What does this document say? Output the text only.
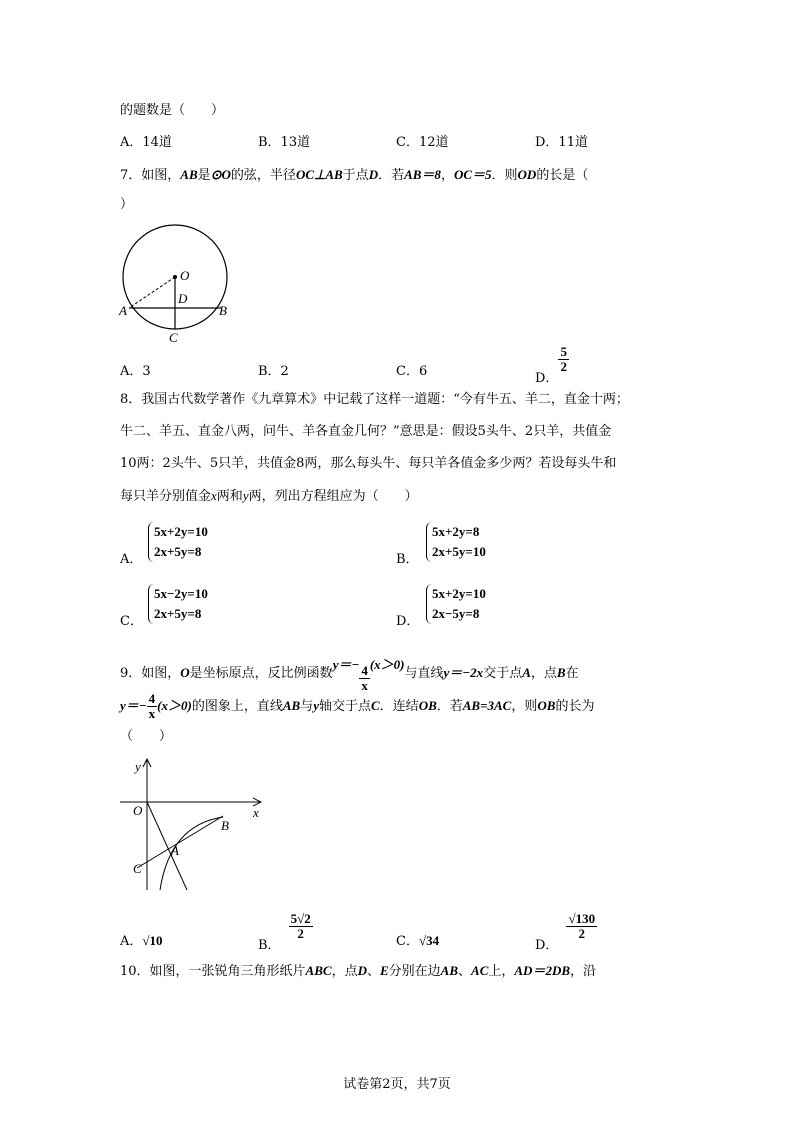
的题数是（　　）
A．14道	B．13道	C．12道	D．11道
7．如图，AB是⊙O的弦，半径OC⊥AB于点D．若AB＝8，OC＝5．则OD的长是（
）
O
D
A	B
C
A．3	B．2	C．6	D．
$\frac{5}{2}$
8．我国古代数学著作《九章算术》中记载了这样一道题：“今有牛五、羊二，直金十两；
牛二、羊五、直金八两，问牛、羊各直金几何？”意思是：假设5头牛、2只羊，共值金
10两：2头牛、5只羊，共值金8两，那么每头牛、每只羊各值金多少两？若设每头牛和
每只羊分别值金x两和y两，列出方程组应为（　　）
A．
5x+2y=10
2x+5y=8
B．
5x+2y=8
2x+5y=10
C．
5x−2y=10
2x+5y=8
D．
5x+2y=10
2x−5y=8
9．如图，O是坐标原点，反比例函数$y=- \frac{4}{x} (x>0)$与直线y＝−2x交于点A，点B在
$y=- \frac{4}{x} (x>0)$的图象上，直线AB与y轴交于点C．连结OB．若AB=3AC，则OB的长为
（　　）
y
x
O
B
A
C
A．√10	B．
$\frac{5√2}{2}$
C．√34	D．
$\frac{√130}{2}$
10．如图，一张锐角三角形纸片ABC，点D、E分别在边AB、AC上，AD＝2DB，沿
试卷第2页，共7页
